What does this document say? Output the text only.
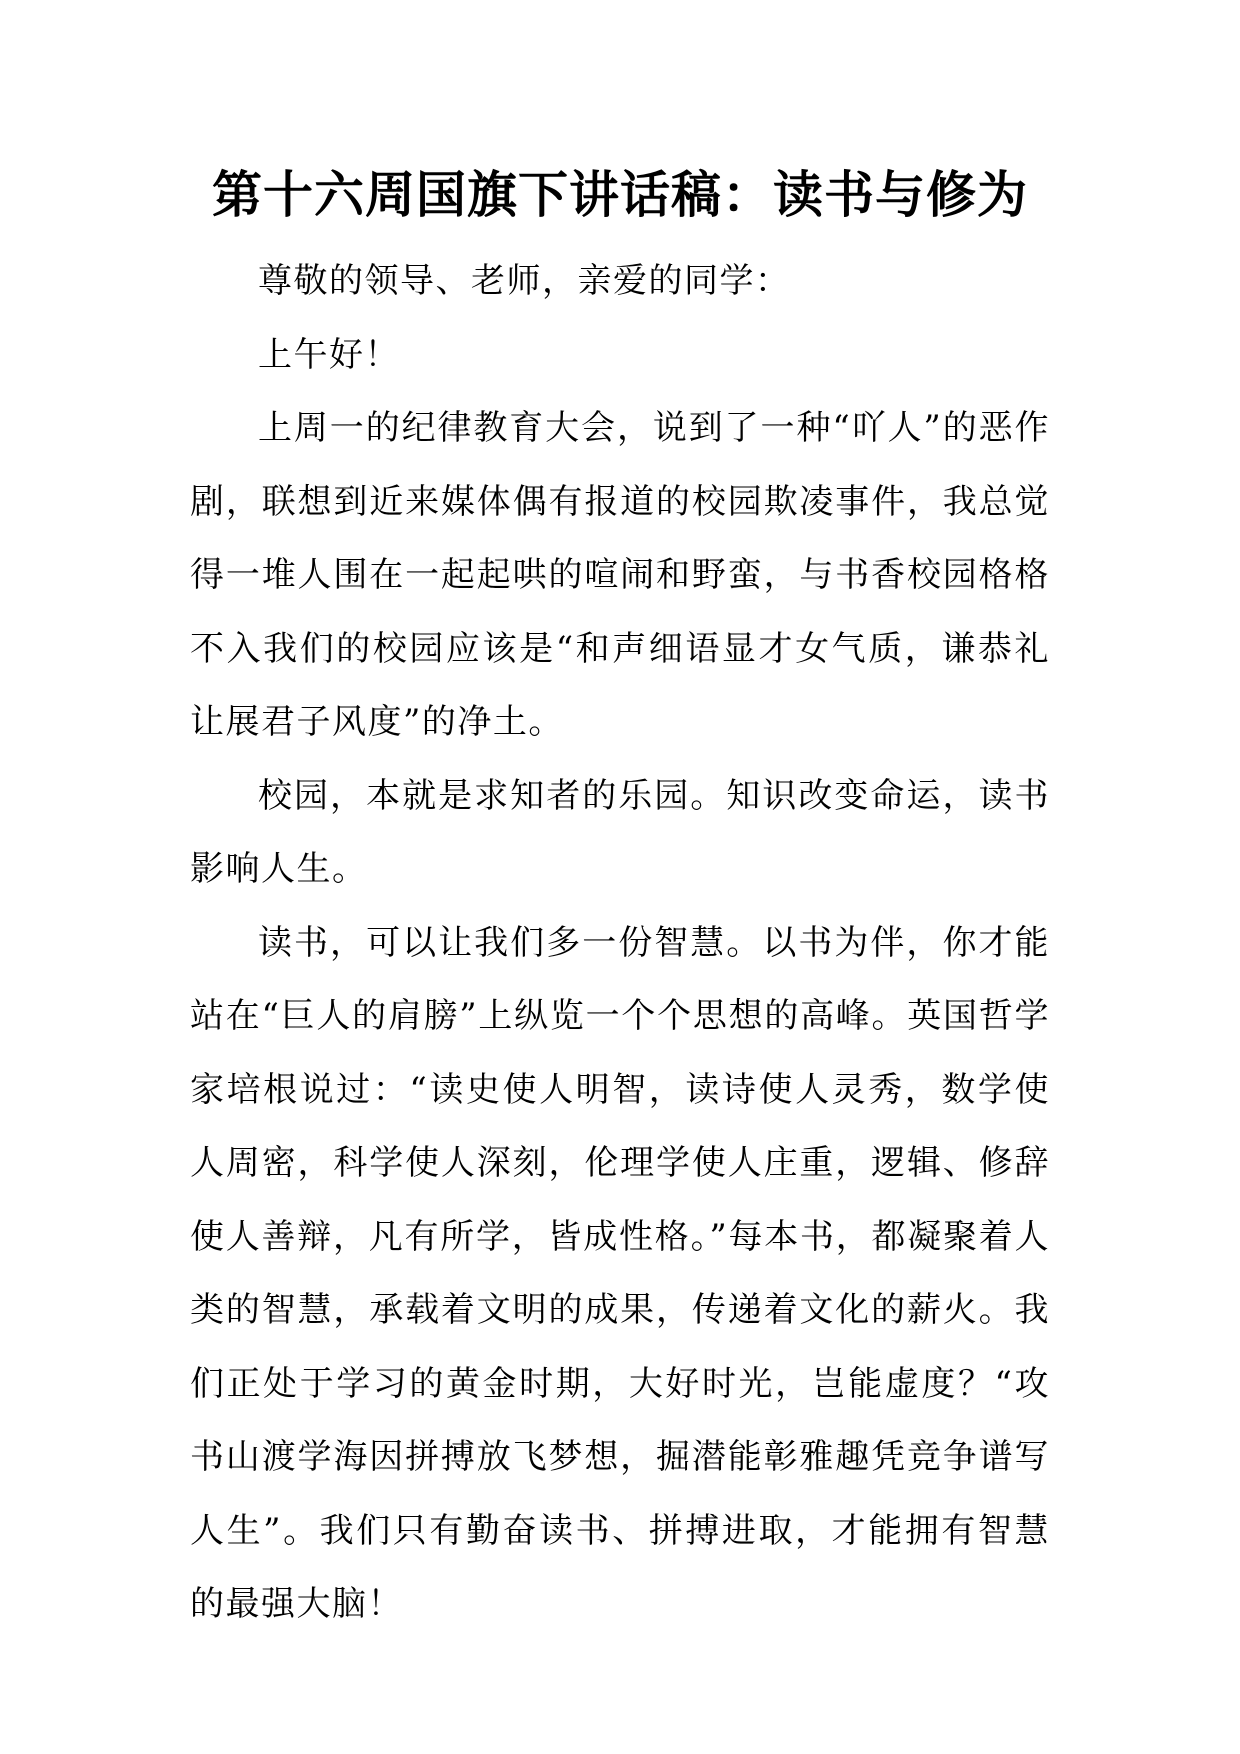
第十六周国旗下讲话稿：读书与修为

尊敬的领导、老师，亲爱的同学：

上午好！

上周一的纪律教育大会，说到了一种“吖人”的恶作剧，联想到近来媒体偶有报道的校园欺凌事件，我总觉得一堆人围在一起起哄的喧闹和野蛮，与书香校园格格不入我们的校园应该是“和声细语显才女气质，谦恭礼让展君子风度”的净土。

校园，本就是求知者的乐园。知识改变命运，读书影响人生。

读书，可以让我们多一份智慧。以书为伴，你才能站在“巨人的肩膀”上纵览一个个思想的高峰。英国哲学家培根说过：“读史使人明智，读诗使人灵秀，数学使人周密，科学使人深刻，伦理学使人庄重，逻辑、修辞使人善辩，凡有所学，皆成性格。”每本书，都凝聚着人类的智慧，承载着文明的成果，传递着文化的薪火。我们正处于学习的黄金时期，大好时光，岂能虚度？“攻书山渡学海因拼搏放飞梦想，掘潜能彰雅趣凭竞争谱写人生”。我们只有勤奋读书、拼搏进取，才能拥有智慧的最强大脑！
